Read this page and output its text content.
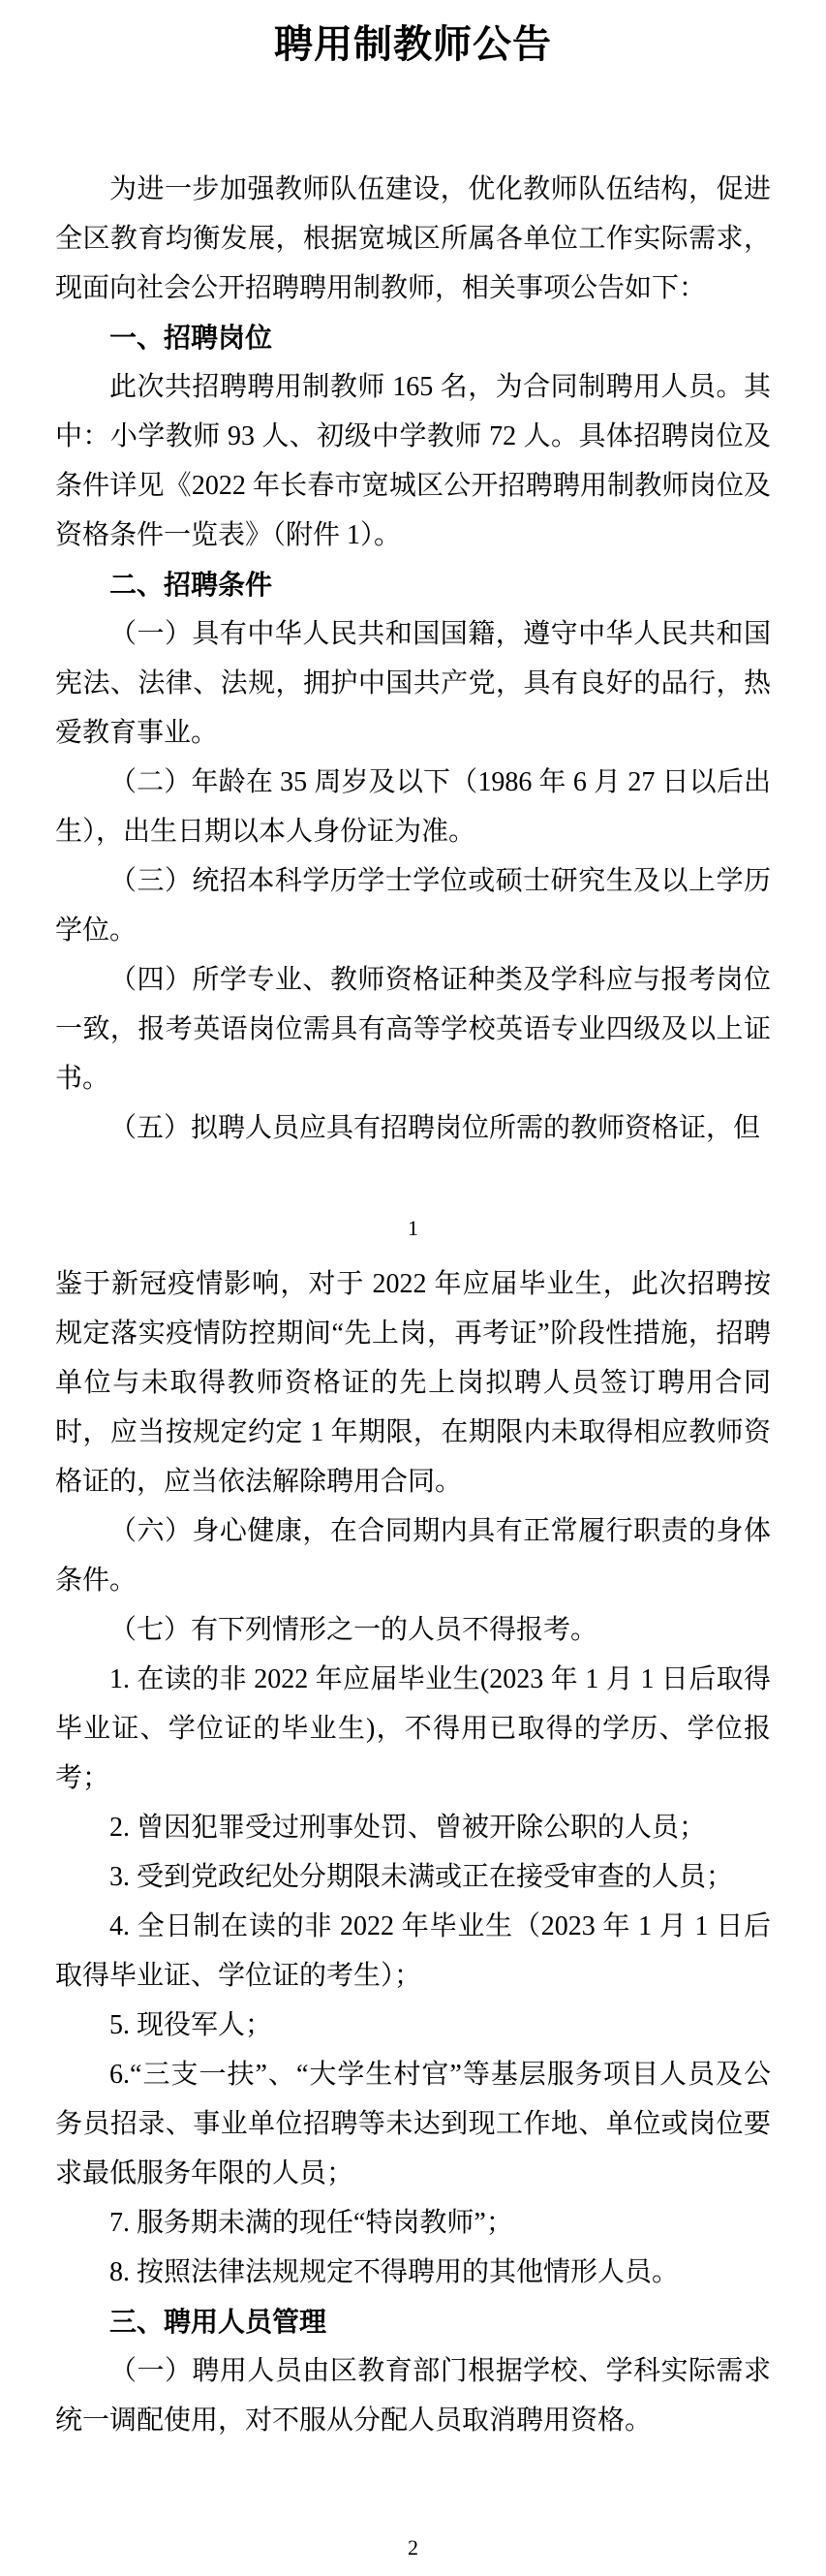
聘用制教师公告

为进一步加强教师队伍建设，优化教师队伍结构，促进全区教育均衡发展，根据宽城区所属各单位工作实际需求，现面向社会公开招聘聘用制教师，相关事项公告如下：

一、招聘岗位

此次共招聘聘用制教师 165 名，为合同制聘用人员。其中：小学教师 93 人、初级中学教师 72 人。具体招聘岗位及条件详见《2022 年长春市宽城区公开招聘聘用制教师岗位及资格条件一览表》（附件 1）。

二、招聘条件

（一）具有中华人民共和国国籍，遵守中华人民共和国宪法、法律、法规，拥护中国共产党，具有良好的品行，热爱教育事业。

（二）年龄在 35 周岁及以下（1986 年 6 月 27 日以后出生），出生日期以本人身份证为准。

（三）统招本科学历学士学位或硕士研究生及以上学历学位。

（四）所学专业、教师资格证种类及学科应与报考岗位一致，报考英语岗位需具有高等学校英语专业四级及以上证书。

（五）拟聘人员应具有招聘岗位所需的教师资格证，但

1

鉴于新冠疫情影响，对于 2022 年应届毕业生，此次招聘按规定落实疫情防控期间“先上岗，再考证”阶段性措施，招聘单位与未取得教师资格证的先上岗拟聘人员签订聘用合同时，应当按规定约定 1 年期限，在期限内未取得相应教师资格证的，应当依法解除聘用合同。

（六）身心健康，在合同期内具有正常履行职责的身体条件。

（七）有下列情形之一的人员不得报考。

1. 在读的非 2022 年应届毕业生(2023 年 1 月 1 日后取得毕业证、学位证的毕业生)，不得用已取得的学历、学位报考；

2. 曾因犯罪受过刑事处罚、曾被开除公职的人员；

3. 受到党政纪处分期限未满或正在接受审查的人员；

4. 全日制在读的非 2022 年毕业生（2023 年 1 月 1 日后取得毕业证、学位证的考生）；

5. 现役军人；

6.“三支一扶”、“大学生村官”等基层服务项目人员及公务员招录、事业单位招聘等未达到现工作地、单位或岗位要求最低服务年限的人员；

7. 服务期未满的现任“特岗教师”；

8. 按照法律法规规定不得聘用的其他情形人员。

三、聘用人员管理

（一）聘用人员由区教育部门根据学校、学科实际需求统一调配使用，对不服从分配人员取消聘用资格。

2
